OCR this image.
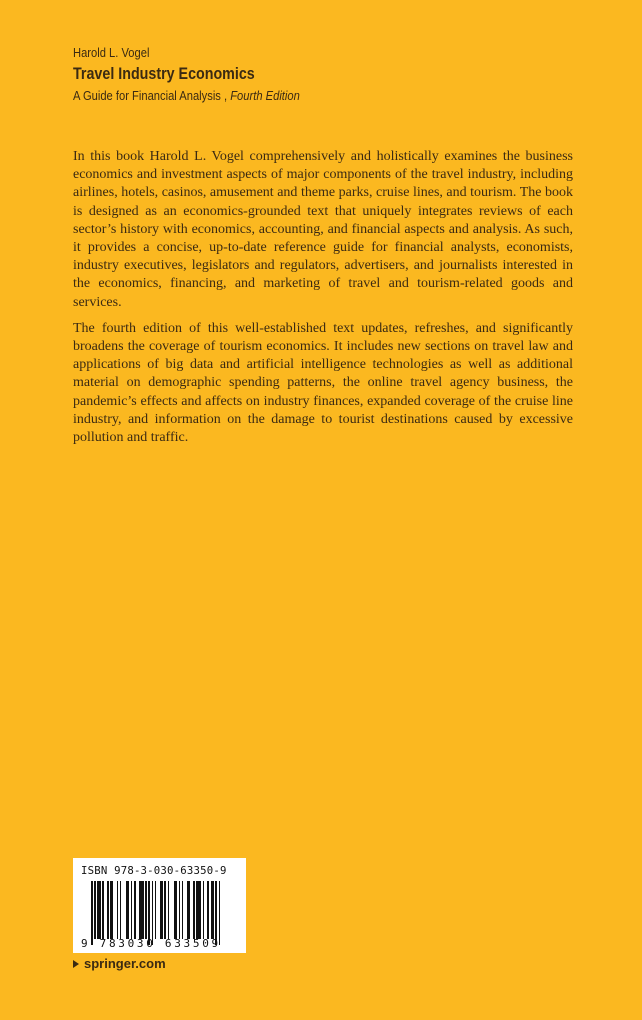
Harold L. Vogel
Travel Industry Economics
A Guide for Financial Analysis , Fourth Edition

In this book Harold L. Vogel comprehensively and holistically examines the business economics and investment aspects of major components of the travel industry, including airlines, hotels, casinos, amusement and theme parks, cruise lines, and tourism. The book is designed as an economics-grounded text that uniquely integrates reviews of each sector’s history with economics, accounting, and financial aspects and analysis. As such, it provides a concise, up-to-date reference guide for financial analysts, economists, industry executives, legislators and regulators, advertisers, and journalists interested in the economics, financing, and marketing of travel and tourism-related goods and services.

The fourth edition of this well-established text updates, refreshes, and significantly broadens the coverage of tourism economics. It includes new sections on travel law and applications of big data and artificial intelligence technologies as well as additional material on demographic spending patterns, the online travel agency business, the pandemic’s effects and affects on industry finances, expanded coverage of the cruise line industry, and information on the damage to tourist destinations caused by excessive pollution and traffic.

ISBN 978-3-030-63350-9
9 783030 633509
springer.com
